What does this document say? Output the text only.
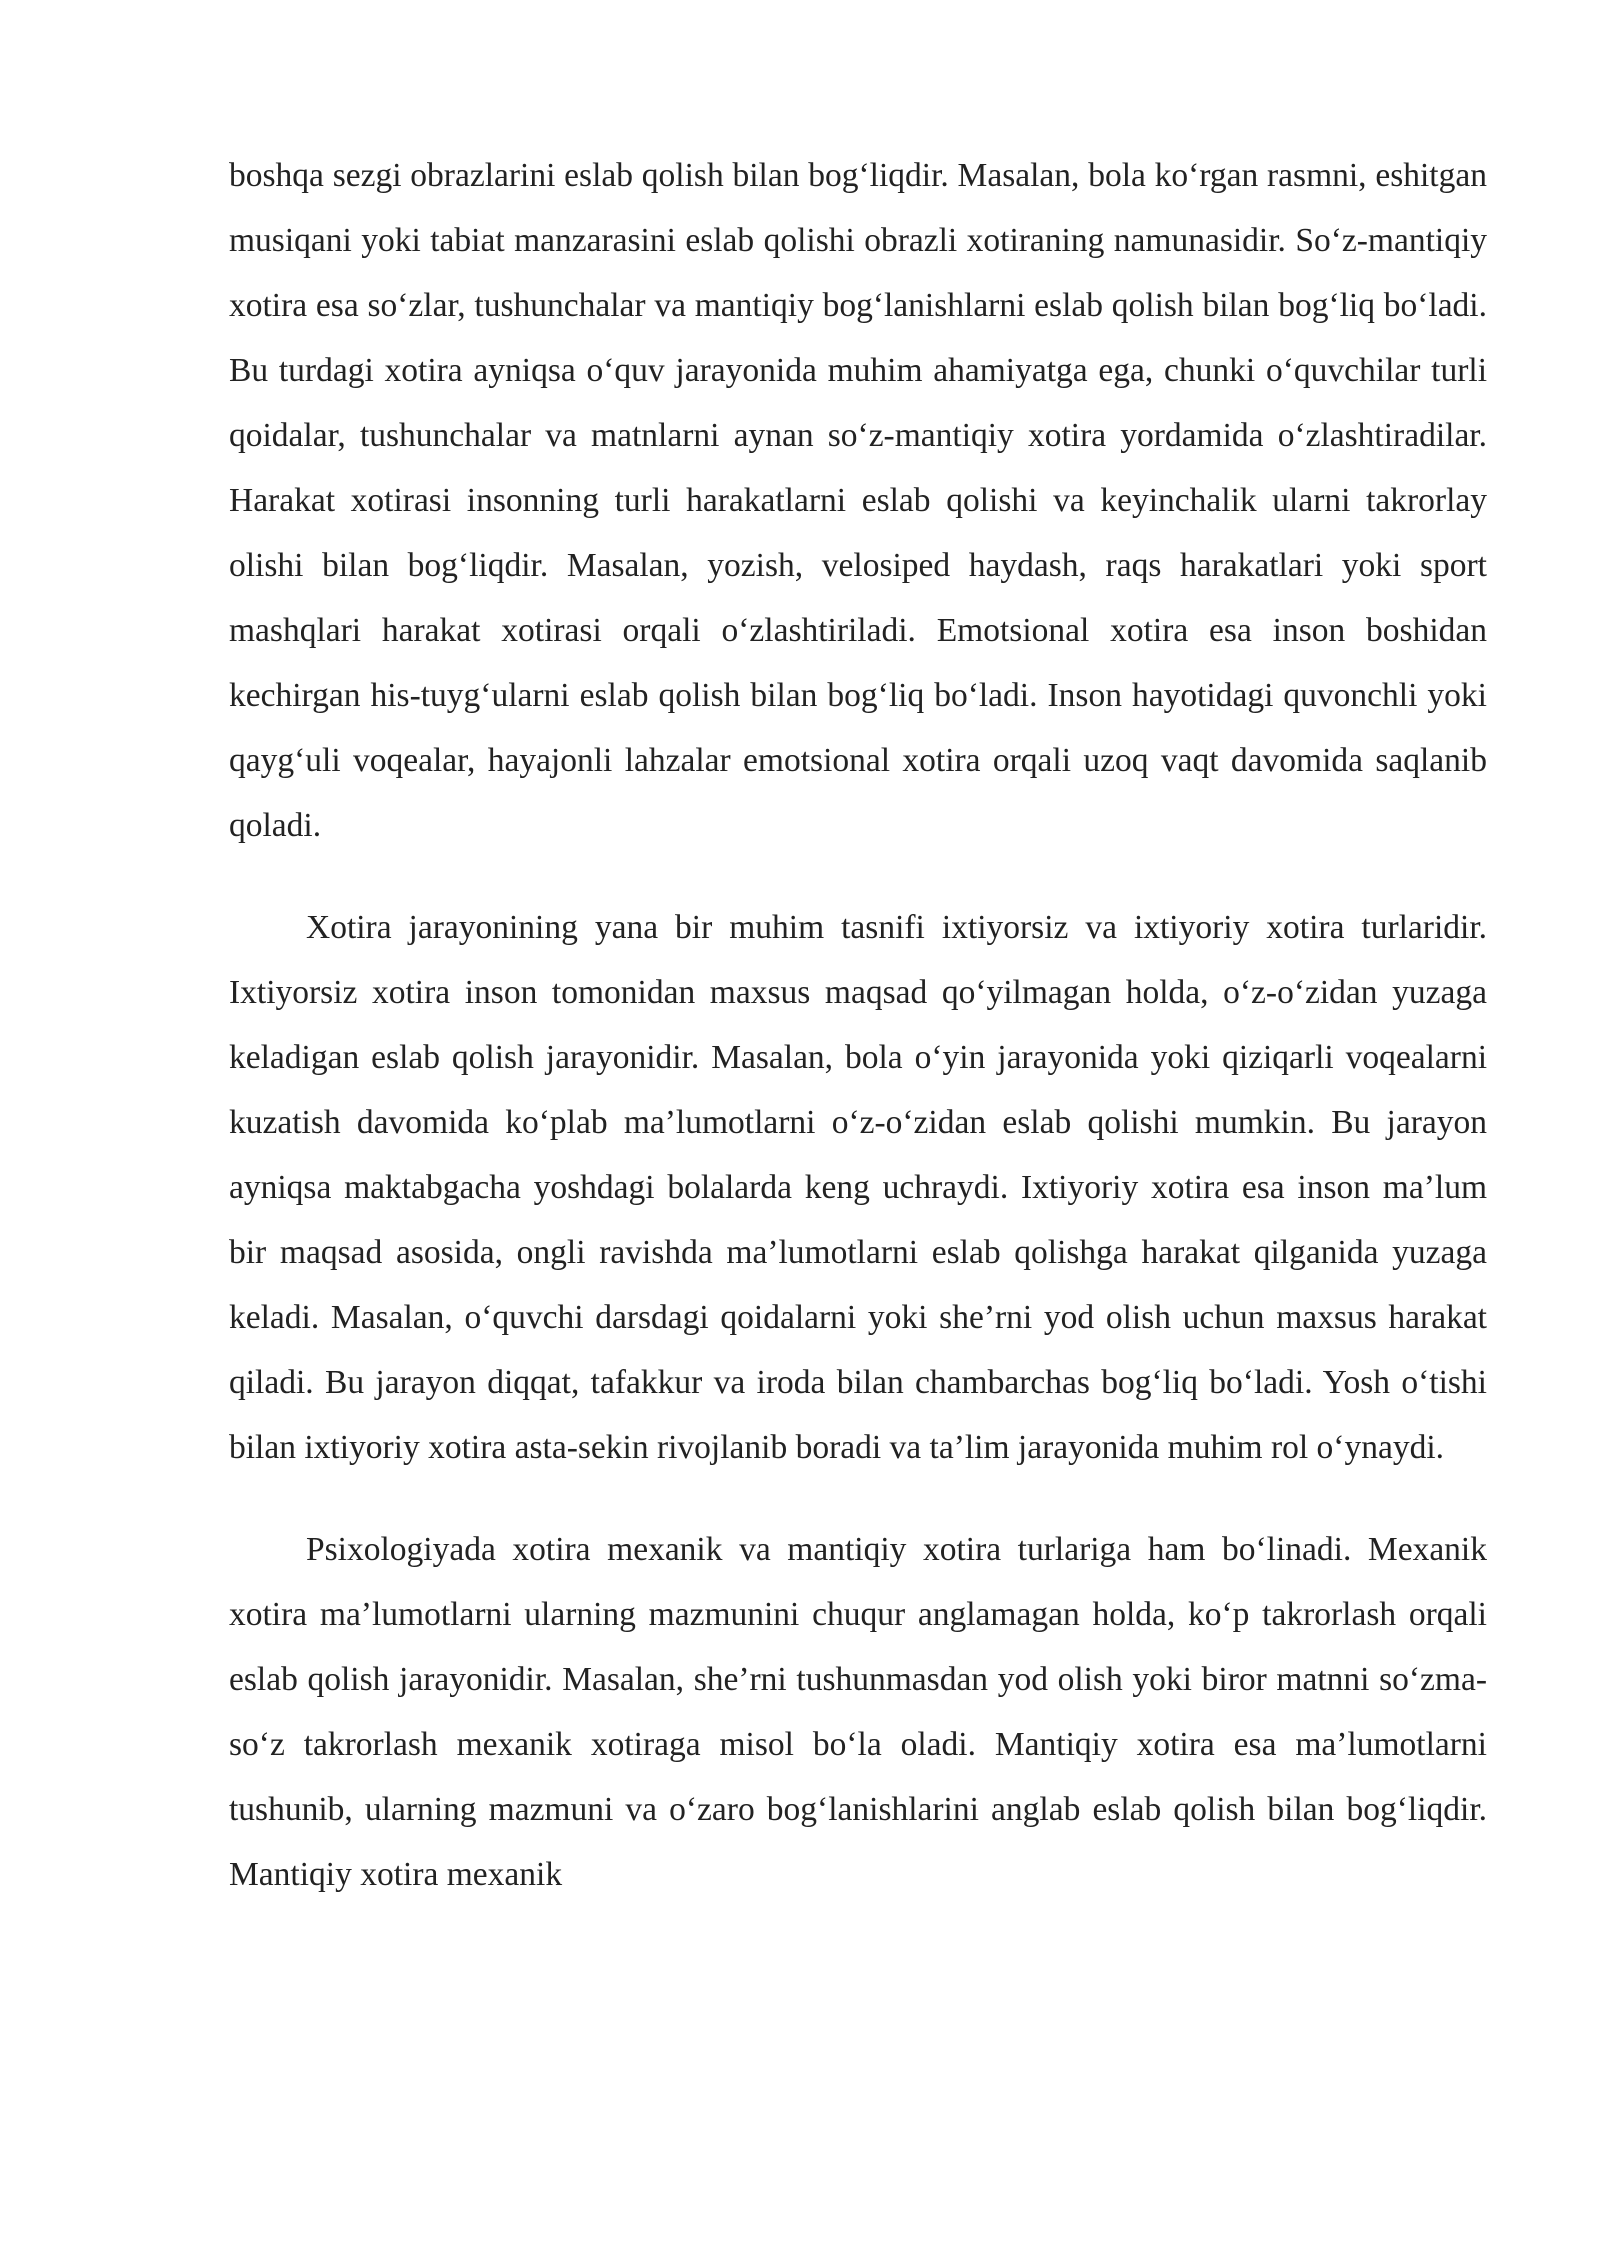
boshqa sezgi obrazlarini eslab qolish bilan bog‘liqdir. Masalan, bola ko‘rgan rasmni, eshitgan musiqani yoki tabiat manzarasini eslab qolishi obrazli xotiraning namunasidir. So‘z-mantiqiy xotira esa so‘zlar, tushunchalar va mantiqiy bog‘lanishlarni eslab qolish bilan bog‘liq bo‘ladi. Bu turdagi xotira ayniqsa o‘quv jarayonida muhim ahamiyatga ega, chunki o‘quvchilar turli qoidalar, tushunchalar va matnlarni aynan so‘z-mantiqiy xotira yordamida o‘zlashtiradilar. Harakat xotirasi insonning turli harakatlarni eslab qolishi va keyinchalik ularni takrorlay olishi bilan bog‘liqdir. Masalan, yozish, velosiped haydash, raqs harakatlari yoki sport mashqlari harakat xotirasi orqali o‘zlashtiriladi. Emotsional xotira esa inson boshidan kechirgan his-tuyg‘ularni eslab qolish bilan bog‘liq bo‘ladi. Inson hayotidagi quvonchli yoki qayg‘uli voqealar, hayajonli lahzalar emotsional xotira orqali uzoq vaqt davomida saqlanib qoladi.

Xotira jarayonining yana bir muhim tasnifi ixtiyorsiz va ixtiyoriy xotira turlaridir. Ixtiyorsiz xotira inson tomonidan maxsus maqsad qo‘yilmagan holda, o‘z-o‘zidan yuzaga keladigan eslab qolish jarayonidir. Masalan, bola o‘yin jarayonida yoki qiziqarli voqealarni kuzatish davomida ko‘plab ma’lumotlarni o‘z-o‘zidan eslab qolishi mumkin. Bu jarayon ayniqsa maktabgacha yoshdagi bolalarda keng uchraydi. Ixtiyoriy xotira esa inson ma’lum bir maqsad asosida, ongli ravishda ma’lumotlarni eslab qolishga harakat qilganida yuzaga keladi. Masalan, o‘quvchi darsdagi qoidalarni yoki she’rni yod olish uchun maxsus harakat qiladi. Bu jarayon diqqat, tafakkur va iroda bilan chambarchas bog‘liq bo‘ladi. Yosh o‘tishi bilan ixtiyoriy xotira asta-sekin rivojlanib boradi va ta’lim jarayonida muhim rol o‘ynaydi.

Psixologiyada xotira mexanik va mantiqiy xotira turlariga ham bo‘linadi. Mexanik xotira ma’lumotlarni ularning mazmunini chuqur anglamagan holda, ko‘p takrorlash orqali eslab qolish jarayonidir. Masalan, she’rni tushunmasdan yod olish yoki biror matnni so‘zma-so‘z takrorlash mexanik xotiraga misol bo‘la oladi. Mantiqiy xotira esa ma’lumotlarni tushunib, ularning mazmuni va o‘zaro bog‘lanishlarini anglab eslab qolish bilan bog‘liqdir. Mantiqiy xotira mexanik
